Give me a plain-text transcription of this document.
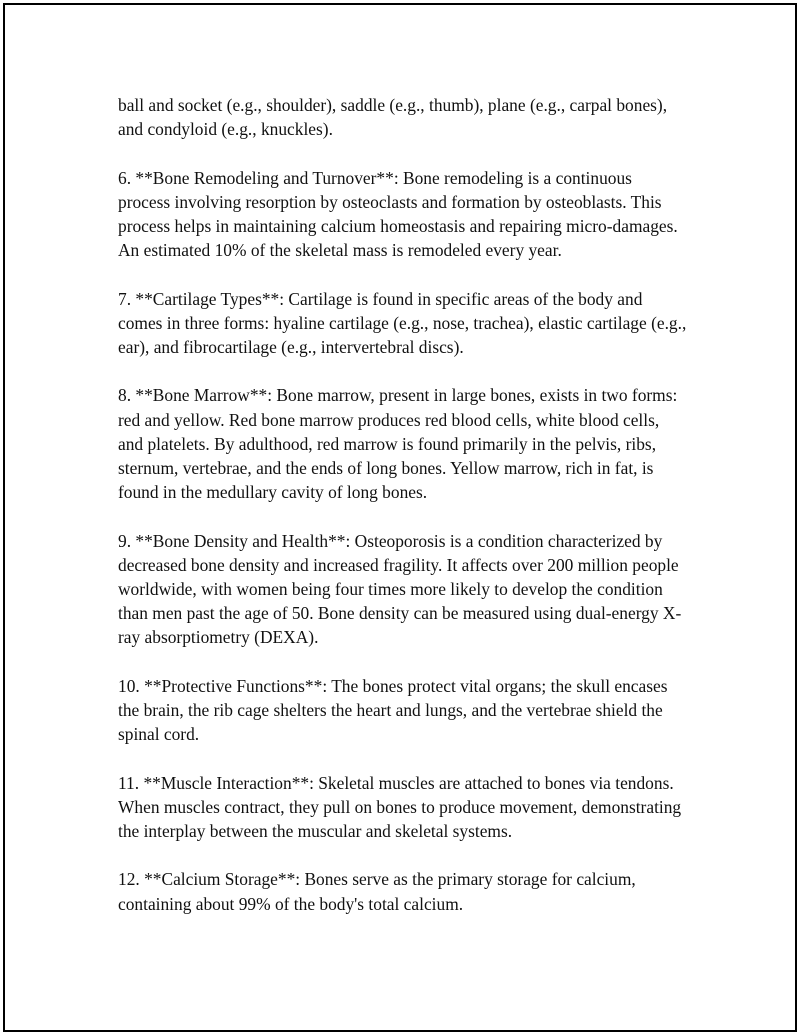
ball and socket (e.g., shoulder), saddle (e.g., thumb), plane (e.g., carpal bones), and condyloid (e.g., knuckles).

6. **Bone Remodeling and Turnover**: Bone remodeling is a continuous process involving resorption by osteoclasts and formation by osteoblasts. This process helps in maintaining calcium homeostasis and repairing micro-damages. An estimated 10% of the skeletal mass is remodeled every year.

7. **Cartilage Types**: Cartilage is found in specific areas of the body and comes in three forms: hyaline cartilage (e.g., nose, trachea), elastic cartilage (e.g., ear), and fibrocartilage (e.g., intervertebral discs).

8. **Bone Marrow**: Bone marrow, present in large bones, exists in two forms: red and yellow. Red bone marrow produces red blood cells, white blood cells, and platelets. By adulthood, red marrow is found primarily in the pelvis, ribs, sternum, vertebrae, and the ends of long bones. Yellow marrow, rich in fat, is found in the medullary cavity of long bones.

9. **Bone Density and Health**: Osteoporosis is a condition characterized by decreased bone density and increased fragility. It affects over 200 million people worldwide, with women being four times more likely to develop the condition than men past the age of 50. Bone density can be measured using dual-energy X-ray absorptiometry (DEXA).

10. **Protective Functions**: The bones protect vital organs; the skull encases the brain, the rib cage shelters the heart and lungs, and the vertebrae shield the spinal cord.

11. **Muscle Interaction**: Skeletal muscles are attached to bones via tendons. When muscles contract, they pull on bones to produce movement, demonstrating the interplay between the muscular and skeletal systems.

12. **Calcium Storage**: Bones serve as the primary storage for calcium, containing about 99% of the body's total calcium.
